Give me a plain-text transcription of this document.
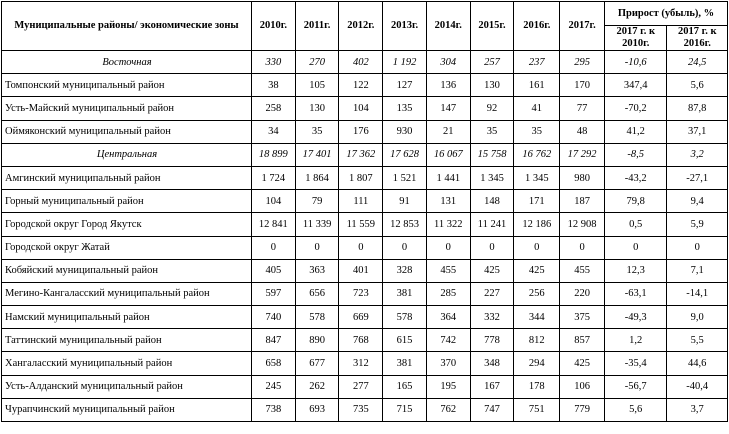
Муниципальные районы/ экономические зоны	2010г.	2011г.	2012г.	2013г.	2014г.	2015г.	2016г.	2017г.	Прирост (убыль), %	
									2017 г. к 2010г.	2017 г. к 2016г.
Восточная	330	270	402	1 192	304	257	237	295	-10,6	24,5
Томпонский муниципальный район	38	105	122	127	136	130	161	170	347,4	5,6
Усть-Майский муниципальный район	258	130	104	135	147	92	41	77	-70,2	87,8
Оймяконский муниципальный район	34	35	176	930	21	35	35	48	41,2	37,1
Центральная	18 899	17 401	17 362	17 628	16 067	15 758	16 762	17 292	-8,5	3,2
Амгинский муниципальный район	1 724	1 864	1 807	1 521	1 441	1 345	1 345	980	-43,2	-27,1
Горный муниципальный район	104	79	111	91	131	148	171	187	79,8	9,4
Городской округ Город Якутск	12 841	11 339	11 559	12 853	11 322	11 241	12 186	12 908	0,5	5,9
Городской округ Жатай	0	0	0	0	0	0	0	0	0	0
Кобяйский муниципальный район	405	363	401	328	455	425	425	455	12,3	7,1
Мегино-Кангаласский муниципальный район	597	656	723	381	285	227	256	220	-63,1	-14,1
Намский муниципальный район	740	578	669	578	364	332	344	375	-49,3	9,0
Таттинский муниципальный район	847	890	768	615	742	778	812	857	1,2	5,5
Хангаласский муниципальный район	658	677	312	381	370	348	294	425	-35,4	44,6
Усть-Алданский муниципальный район	245	262	277	165	195	167	178	106	-56,7	-40,4
Чурапчинский муниципальный район	738	693	735	715	762	747	751	779	5,6	3,7
